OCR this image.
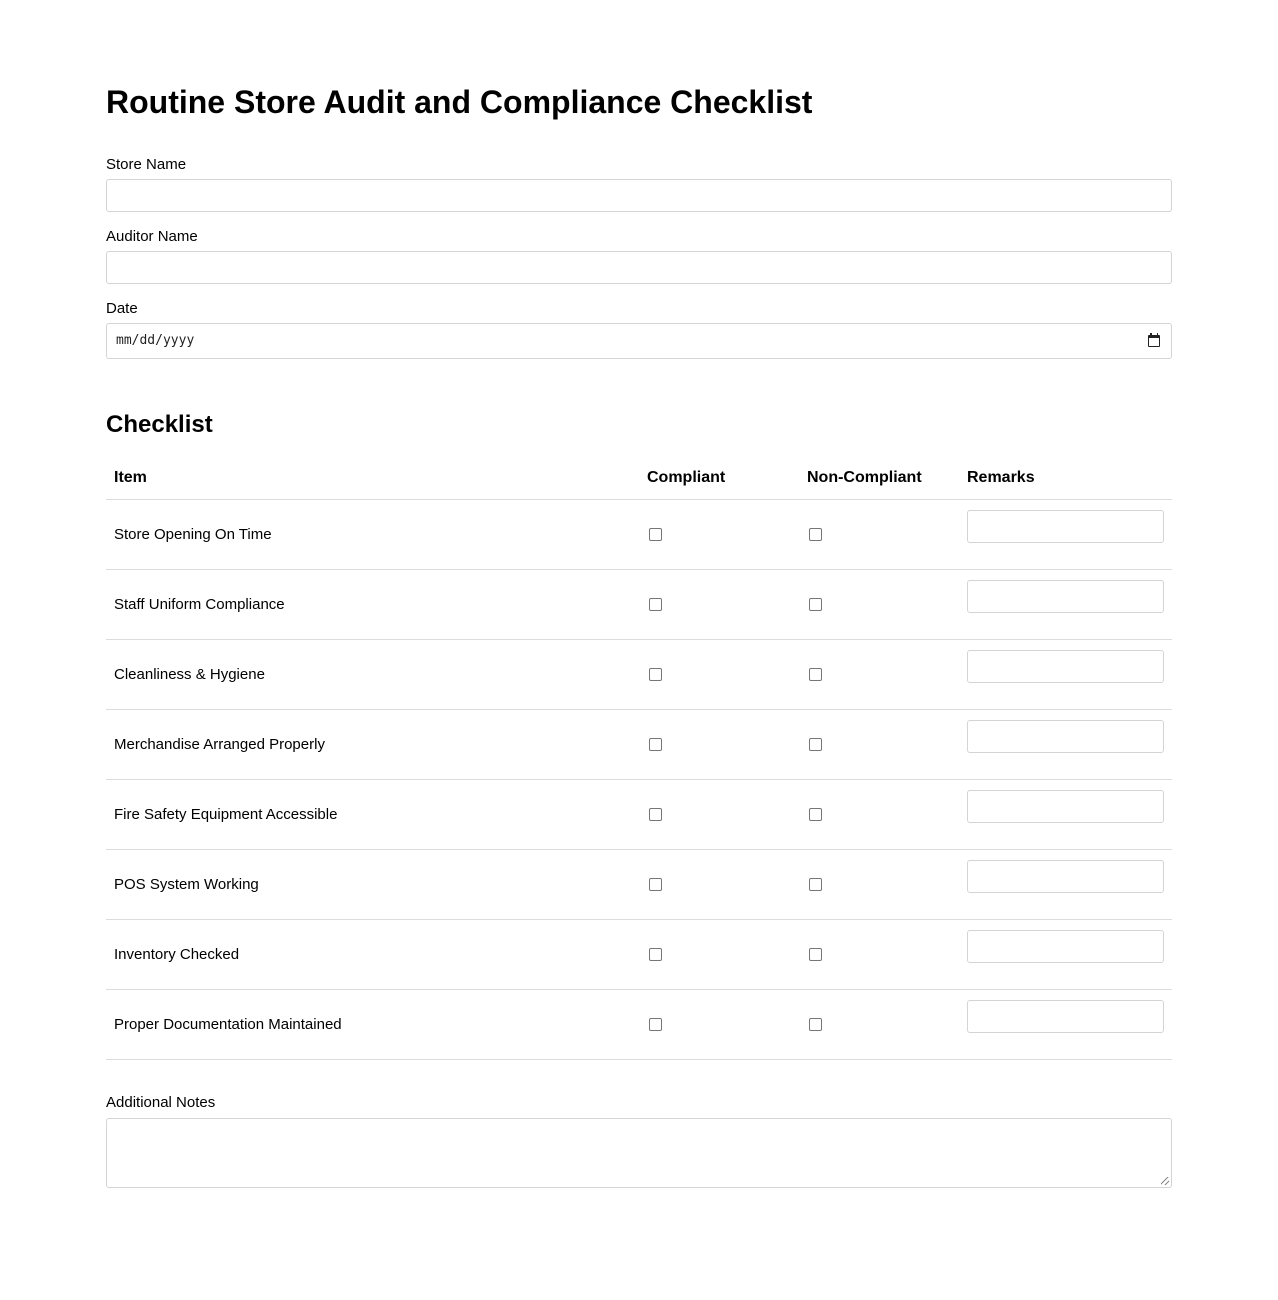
Routine Store Audit and Compliance Checklist
Store Name
Auditor Name
Date
mm/dd/yyyy
Checklist
Item	Compliant	Non-Compliant	Remarks
Store Opening On Time			

Staff Uniform Compliance			

Cleanliness & Hygiene			

Merchandise Arranged Properly			

Fire Safety Equipment Accessible			

POS System Working			

Inventory Checked			

Proper Documentation Maintained			
Additional Notes
